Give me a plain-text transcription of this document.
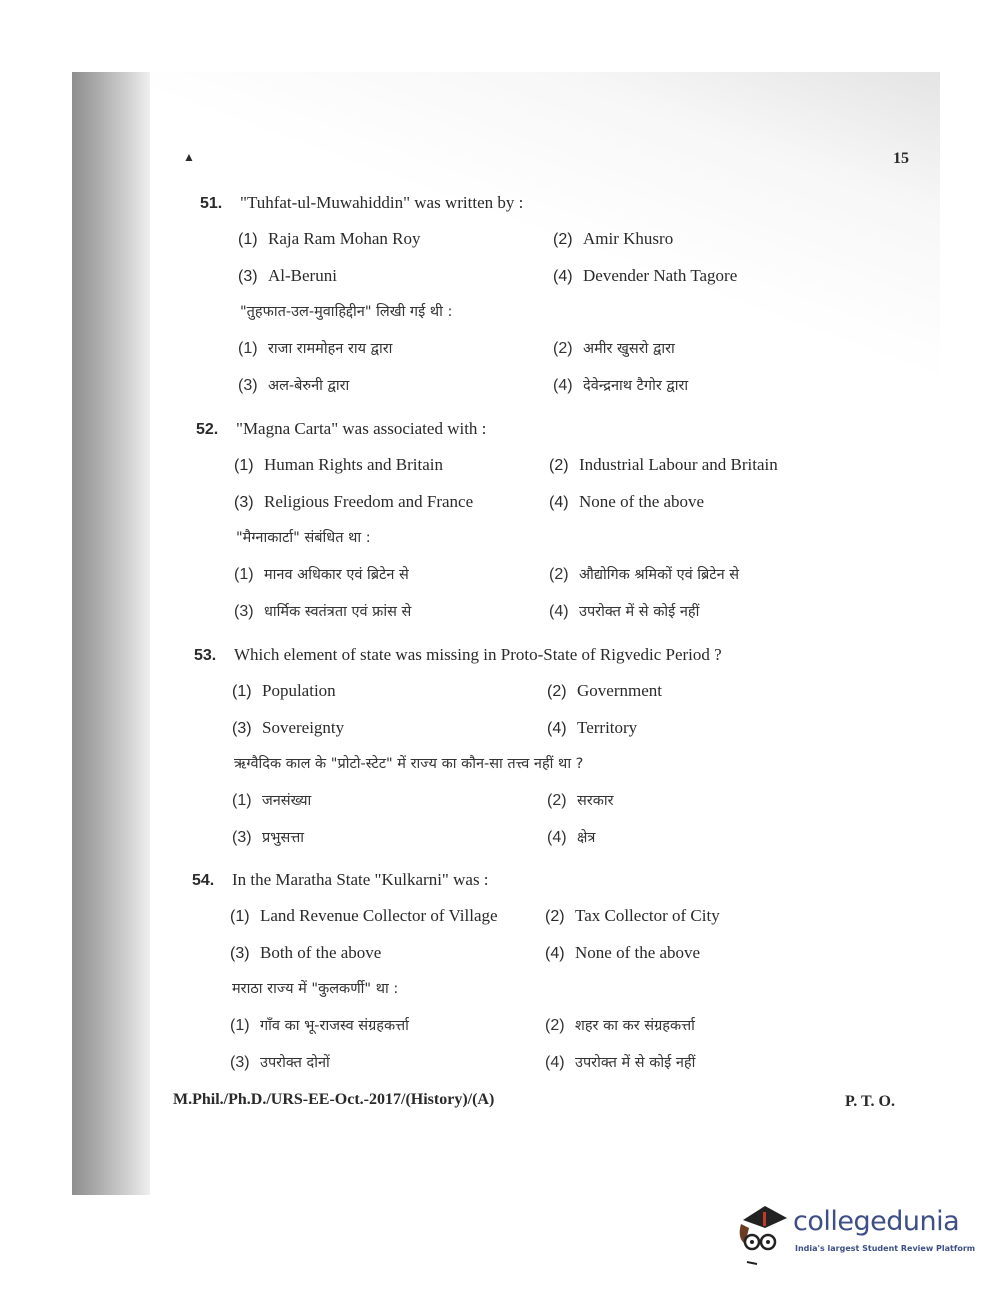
▲	15
51. "Tuhfat-ul-Muwahiddin" was written by :
"तुहफात-उल-मुवाहिद्दीन" लिखी गई थी :
(1) Raja Ram Mohan Roy	(2) Amir Khusro
(3) Al-Beruni	(4) Devender Nath Tagore
(1) राजा राममोहन राय द्वारा	(2) अमीर खुसरो द्वारा
(3) अल-बेरुनी द्वारा	(4) देवेन्द्रनाथ टैगोर द्वारा
52. "Magna Carta" was associated with :
"मैग्नाकार्टा" संबंधित था :
(1) Human Rights and Britain	(2) Industrial Labour and Britain
(3) Religious Freedom and France	(4) None of the above
(1) मानव अधिकार एवं ब्रिटेन से	(2) औद्योगिक श्रमिकों एवं ब्रिटेन से
(3) धार्मिक स्वतंत्रता एवं फ्रांस से	(4) उपरोक्त में से कोई नहीं
53. Which element of state was missing in Proto-State of Rigvedic Period ?
ऋग्वैदिक काल के "प्रोटो-स्टेट" में राज्य का कौन-सा तत्त्व नहीं था ?
(1) Population	(2) Government
(3) Sovereignty	(4) Territory
(1) जनसंख्या	(2) सरकार
(3) प्रभुसत्ता	(4) क्षेत्र
54. In the Maratha State "Kulkarni" was :
मराठा राज्य में "कुलकर्णी" था :
(1) Land Revenue Collector of Village	(2) Tax Collector of City
(3) Both of the above	(4) None of the above
(1) गाँव का भू-राजस्व संग्रहकर्त्ता	(2) शहर का कर संग्रहकर्त्ता
(3) उपरोक्त दोनों	(4) उपरोक्त में से कोई नहीं
M.Phil./Ph.D./URS-EE-Oct.-2017/(History)/(A)	P. T. O.
collegedunia
India's largest Student Review Platform
